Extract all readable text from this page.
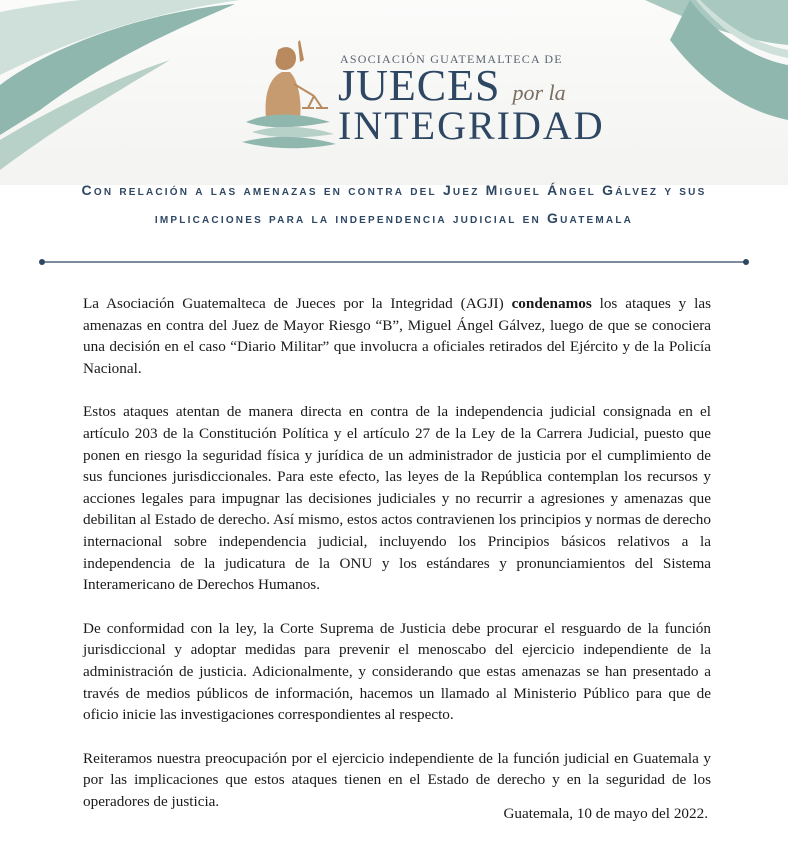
ASOCIACIÓN GUATEMALTECA DE
JUECES por la
INTEGRIDAD
Con relación a las amenazas en contra del Juez Miguel Ángel Gálvez y sus implicaciones para la independencia judicial en Guatemala

La Asociación Guatemalteca de Jueces por la Integridad (AGJI) condenamos los ataques y las amenazas en contra del Juez de Mayor Riesgo “B”, Miguel Ángel Gálvez, luego de que se conociera una decisión en el caso “Diario Militar” que involucra a oficiales retirados del Ejército y de la Policía Nacional.

Estos ataques atentan de manera directa en contra de la independencia judicial consignada en el artículo 203 de la Constitución Política y el artículo 27 de la Ley de la Carrera Judicial, puesto que ponen en riesgo la seguridad física y jurídica de un administrador de justicia por el cumplimiento de sus funciones jurisdiccionales. Para este efecto, las leyes de la República contemplan los recursos y acciones legales para impugnar las decisiones judiciales y no recurrir a agresiones y amenazas que debilitan al Estado de derecho. Así mismo, estos actos contravienen los principios y normas de derecho internacional sobre independencia judicial, incluyendo los Principios básicos relativos a la independencia de la judicatura de la ONU y los estándares y pronunciamientos del Sistema Interamericano de Derechos Humanos.

De conformidad con la ley, la Corte Suprema de Justicia debe procurar el resguardo de la función jurisdiccional y adoptar medidas para prevenir el menoscabo del ejercicio independiente de la administración de justicia. Adicionalmente, y considerando que estas amenazas se han presentado a través de medios públicos de información, hacemos un llamado al Ministerio Público para que de oficio inicie las investigaciones correspondientes al respecto.

Reiteramos nuestra preocupación por el ejercicio independiente de la función judicial en Guatemala y por las implicaciones que estos ataques tienen en el Estado de derecho y en la seguridad de los operadores de justicia.

Guatemala, 10 de mayo del 2022.
